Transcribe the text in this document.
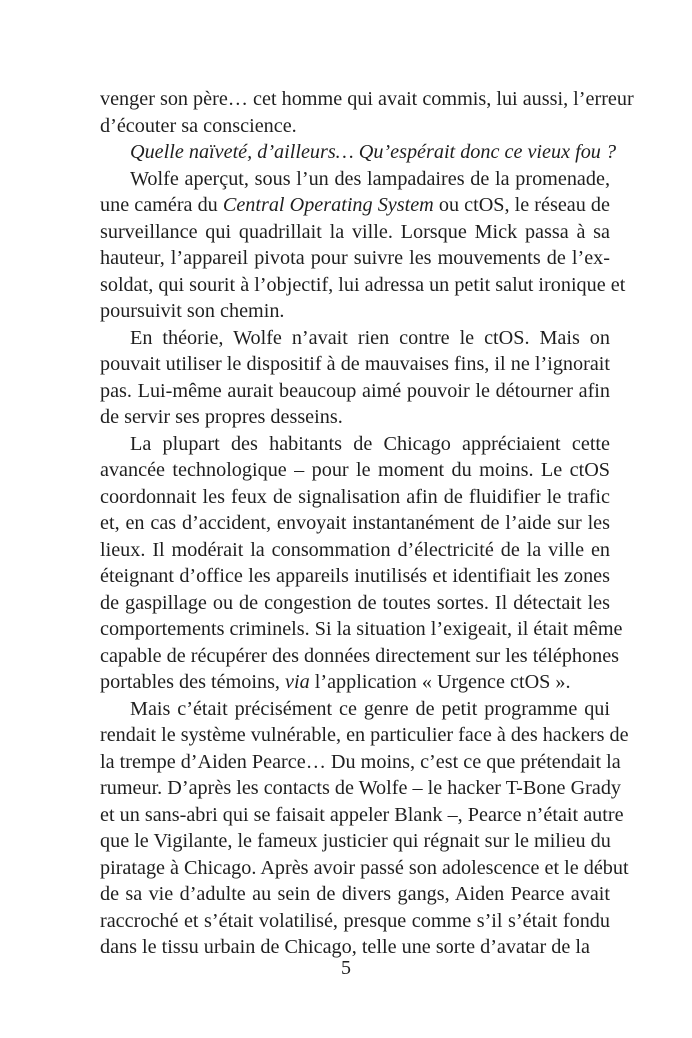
venger son père… cet homme qui avait commis, lui aussi, l’erreur
d’écouter sa conscience.
Quelle naïveté, d’ailleurs… Qu’espérait donc ce vieux fou ?
Wolfe aperçut, sous l’un des lampadaires de la promenade,
une caméra du Central Operating System ou ctOS, le réseau de
surveillance qui quadrillait la ville. Lorsque Mick passa à sa
hauteur, l’appareil pivota pour suivre les mouvements de l’ex-
soldat, qui sourit à l’objectif, lui adressa un petit salut ironique et
poursuivit son chemin.
En théorie, Wolfe n’avait rien contre le ctOS. Mais on
pouvait utiliser le dispositif à de mauvaises fins, il ne l’ignorait
pas. Lui-même aurait beaucoup aimé pouvoir le détourner afin
de servir ses propres desseins.
La plupart des habitants de Chicago appréciaient cette
avancée technologique – pour le moment du moins. Le ctOS
coordonnait les feux de signalisation afin de fluidifier le trafic
et, en cas d’accident, envoyait instantanément de l’aide sur les
lieux. Il modérait la consommation d’électricité de la ville en
éteignant d’office les appareils inutilisés et identifiait les zones
de gaspillage ou de congestion de toutes sortes. Il détectait les
comportements criminels. Si la situation l’exigeait, il était même
capable de récupérer des données directement sur les téléphones
portables des témoins, via l’application « Urgence ctOS ».
Mais c’était précisément ce genre de petit programme qui
rendait le système vulnérable, en particulier face à des hackers de
la trempe d’Aiden Pearce… Du moins, c’est ce que prétendait la
rumeur. D’après les contacts de Wolfe – le hacker T-Bone Grady
et un sans-abri qui se faisait appeler Blank –, Pearce n’était autre
que le Vigilante, le fameux justicier qui régnait sur le milieu du
piratage à Chicago. Après avoir passé son adolescence et le début
de sa vie d’adulte au sein de divers gangs, Aiden Pearce avait
raccroché et s’était volatilisé, presque comme s’il s’était fondu
dans le tissu urbain de Chicago, telle une sorte d’avatar de la
5
